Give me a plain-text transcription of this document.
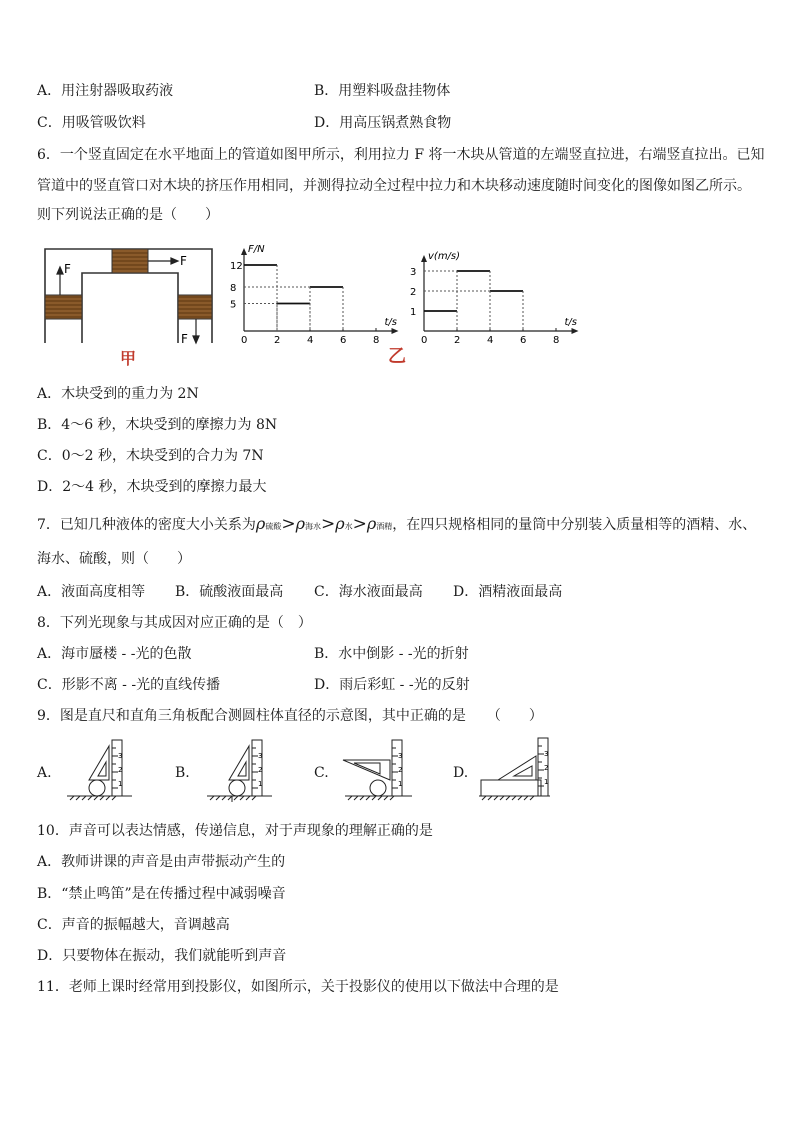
A．用注射器吸取药液	B．用塑料吸盘挂物体
C．用吸管吸饮料	D．用高压锅煮熟食物
6．一个竖直固定在水平地面上的管道如图甲所示，利用拉力 F 将一木块从管道的左端竖直拉进，右端竖直拉出。已知
管道中的竖直管口对木块的挤压作用相同，并测得拉动全过程中拉力和木块移动速度随时间变化的图像如图乙所示。
则下列说法正确的是（　　）
F
F
F
甲
F/N
t/s
0	2	4	6	8
5
8
12
v(m/s)
t/s
0	2	4	6	8
1
2
3
乙
A．木块受到的重力为 2N
B．4～6 秒，木块受到的摩擦力为 8N
C．0～2 秒，木块受到的合力为 7N
D．2～4 秒，木块受到的摩擦力最大
7．已知几种液体的密度大小关系为ρ硫酸>ρ海水>ρ水>ρ酒精，在四只规格相同的量筒中分别装入质量相等的酒精、水、
海水、硫酸，则（　　）
A．液面高度相等 B．硫酸液面最高 C．海水液面最高 D．酒精液面最高
8．下列光现象与其成因对应正确的是（　）
A．海市蜃楼 - -光的色散	B．水中倒影 - -光的折射
C．形影不离 - -光的直线传播	D．雨后彩虹 - -光的反射
9．图是直尺和直角三角板配合测圆柱体直径的示意图，其中正确的是　　（　　）
A.	B.	C.	D.
3
2
1
3
2
1
3
2
1
3
2
1
10．声音可以表达情感，传递信息，对于声现象的理解正确的是
A．教师讲课的声音是由声带振动产生的
B．“禁止鸣笛”是在传播过程中减弱噪音
C．声音的振幅越大，音调越高
D．只要物体在振动，我们就能听到声音
11．老师上课时经常用到投影仪，如图所示，关于投影仪的使用以下做法中合理的是
